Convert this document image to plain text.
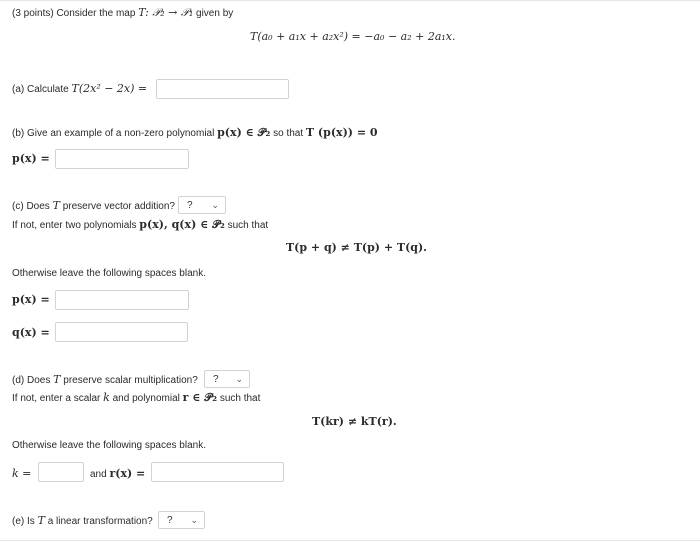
(3 points) Consider the map T: 𝒫₂ → 𝒫₁ given by
T(a₀ + a₁x + a₂x²) = −a₀ − a₂ + 2a₁x.
(a) Calculate T(2x² − 2x) =
(b) Give an example of a non-zero polynomial p(x) ∈ 𝒫₂ so that T (p(x)) = 0
p(x) =
(c) Does T preserve vector addition? ? ⌄
If not, enter two polynomials p(x), q(x) ∈ 𝒫₂ such that
T(p + q) ≠ T(p) + T(q).
Otherwise leave the following spaces blank.
p(x) =
q(x) =
(d) Does T preserve scalar multiplication? ? ⌄
If not, enter a scalar k and polynomial r ∈ 𝒫₂ such that
T(kr) ≠ kT(r).
Otherwise leave the following spaces blank.
k =	and r(x) =
(e) Is T a linear transformation? ? ⌄
